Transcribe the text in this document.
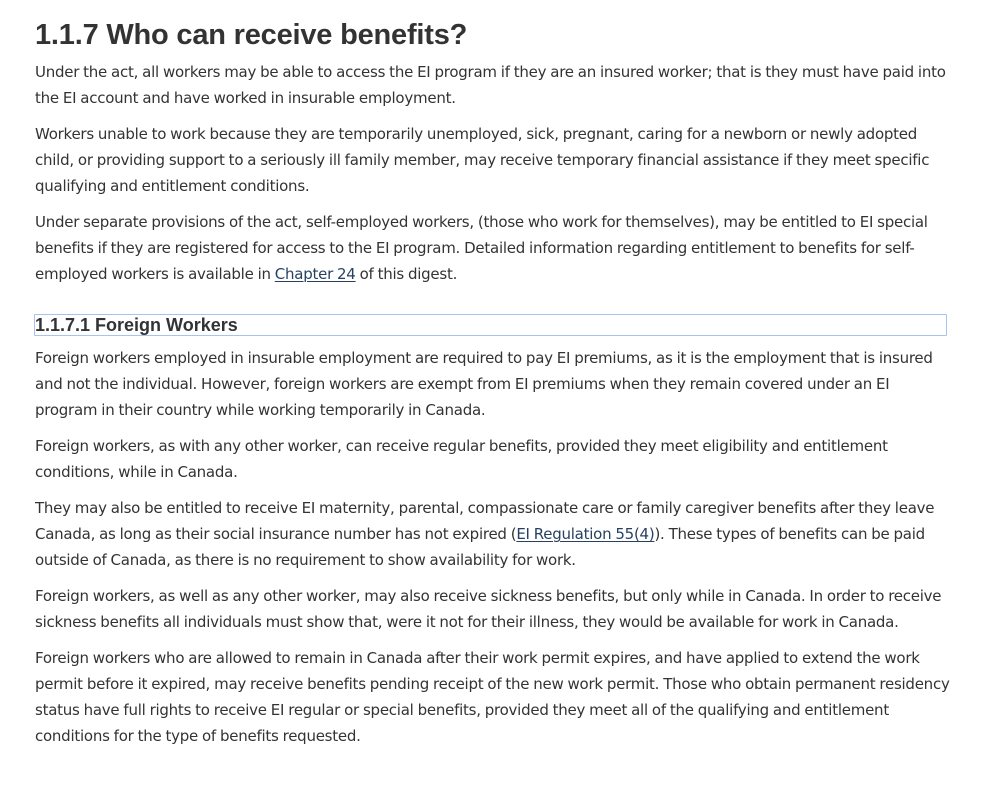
1.1.7 Who can receive benefits?

Under the act, all workers may be able to access the EI program if they are an insured worker; that is they must have paid into the EI account and have worked in insurable employment.

Workers unable to work because they are temporarily unemployed, sick, pregnant, caring for a newborn or newly adopted child, or providing support to a seriously ill family member, may receive temporary financial assistance if they meet specific qualifying and entitlement conditions.

Under separate provisions of the act, self-employed workers, (those who work for themselves), may be entitled to EI special benefits if they are registered for access to the EI program. Detailed information regarding entitlement to benefits for self-employed workers is available in Chapter 24 of this digest.

1.1.7.1 Foreign Workers

Foreign workers employed in insurable employment are required to pay EI premiums, as it is the employment that is insured and not the individual. However, foreign workers are exempt from EI premiums when they remain covered under an EI program in their country while working temporarily in Canada.

Foreign workers, as with any other worker, can receive regular benefits, provided they meet eligibility and entitlement conditions, while in Canada.

They may also be entitled to receive EI maternity, parental, compassionate care or family caregiver benefits after they leave Canada, as long as their social insurance number has not expired (EI Regulation 55(4)). These types of benefits can be paid outside of Canada, as there is no requirement to show availability for work.

Foreign workers, as well as any other worker, may also receive sickness benefits, but only while in Canada. In order to receive sickness benefits all individuals must show that, were it not for their illness, they would be available for work in Canada.

Foreign workers who are allowed to remain in Canada after their work permit expires, and have applied to extend the work permit before it expired, may receive benefits pending receipt of the new work permit. Those who obtain permanent residency status have full rights to receive EI regular or special benefits, provided they meet all of the qualifying and entitlement conditions for the type of benefits requested.
